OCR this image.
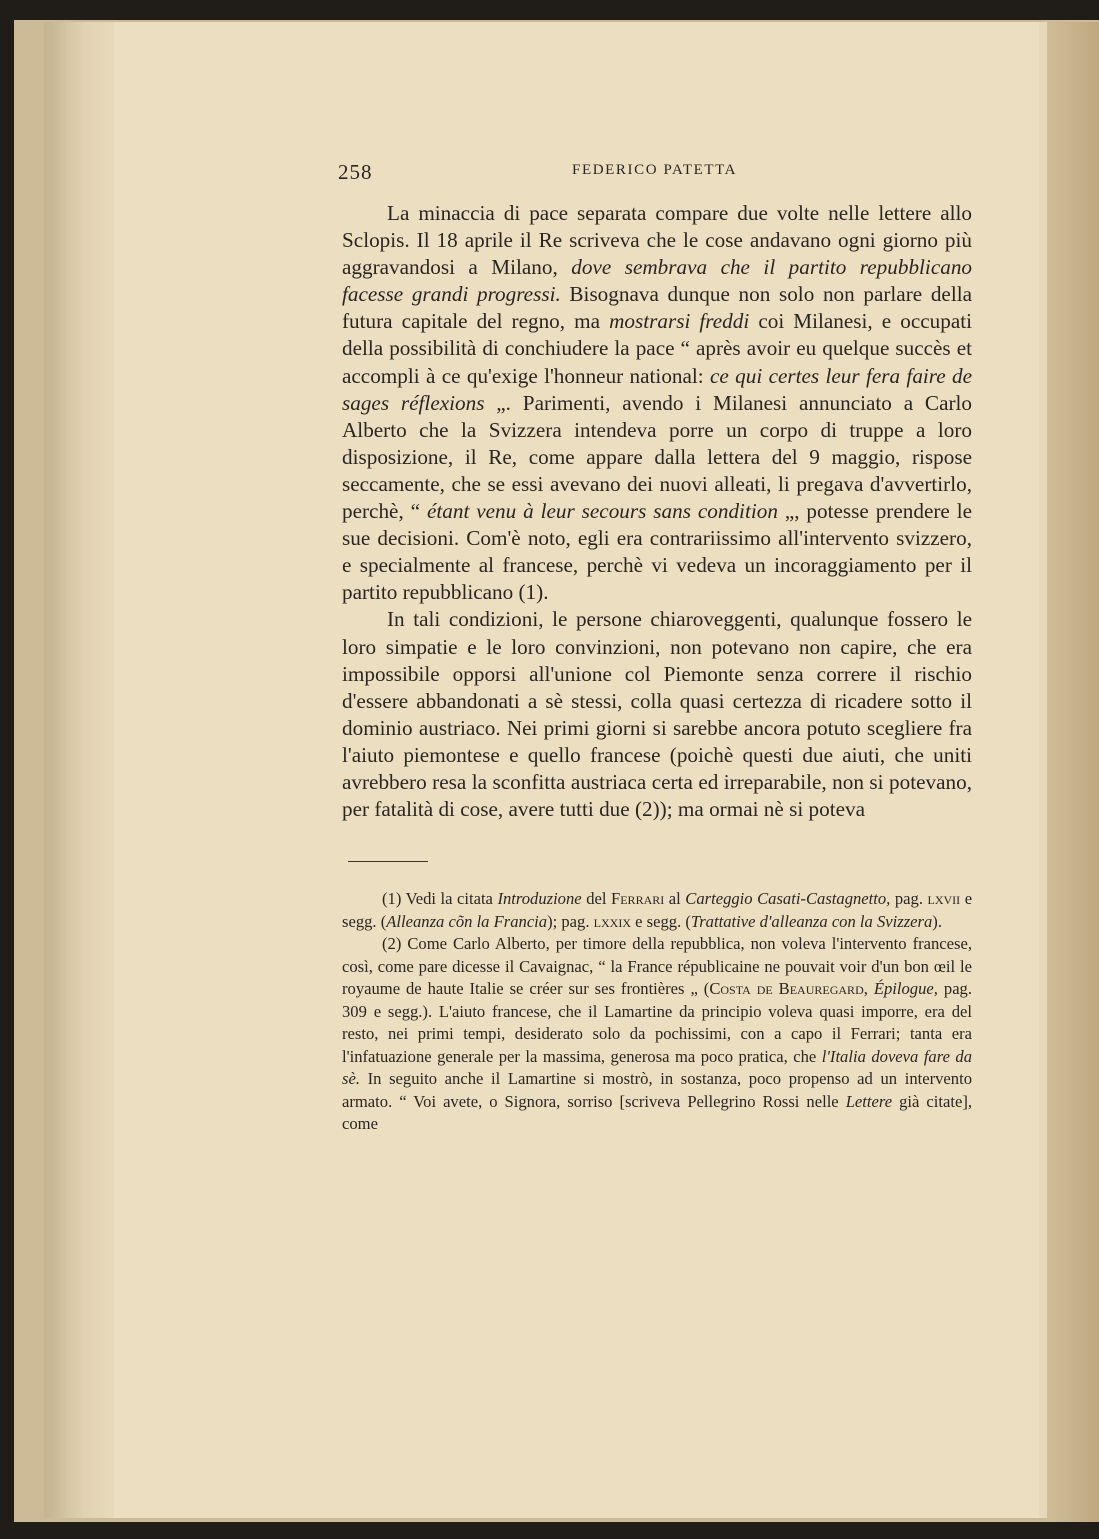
258	FEDERICO PATETTA

La minaccia di pace separata compare due volte nelle lettere allo Sclopis. Il 18 aprile il Re scriveva che le cose andavano ogni giorno più aggravandosi a Milano, dove sembrava che il partito repubblicano facesse grandi progressi. Bisognava dunque non solo non parlare della futura capitale del regno, ma mostrarsi freddi coi Milanesi, e occupati della possibilità di conchiudere la pace “ après avoir eu quelque succès et accompli à ce qu'exige l'honneur national: ce qui certes leur fera faire de sages réflexions „. Parimenti, avendo i Milanesi annunciato a Carlo Alberto che la Svizzera intendeva porre un corpo di truppe a loro disposizione, il Re, come appare dalla lettera del 9 maggio, rispose seccamente, che se essi avevano dei nuovi alleati, li pregava d'avvertirlo, perchè, “ étant venu à leur secours sans condition „, potesse prendere le sue decisioni. Com'è noto, egli era contrariissimo all'intervento svizzero, e specialmente al francese, perchè vi vedeva un incoraggiamento per il partito repubblicano (1).

In tali condizioni, le persone chiaroveggenti, qualunque fossero le loro simpatie e le loro convinzioni, non potevano non capire, che era impossibile opporsi all'unione col Piemonte senza correre il rischio d'essere abbandonati a sè stessi, colla quasi certezza di ricadere sotto il dominio austriaco. Nei primi giorni si sarebbe ancora potuto scegliere fra l'aiuto piemontese e quello francese (poichè questi due aiuti, che uniti avrebbero resa la sconfitta austriaca certa ed irreparabile, non si potevano, per fatalità di cose, avere tutti due (2)); ma ormai nè si poteva

(1) Vedi la citata Introduzione del Ferrari al Carteggio Casati-Castagnetto, pag. lxvii e segg. (Alleanza cõn la Francia); pag. lxxix e segg. (Trattative d'alleanza con la Svizzera).

(2) Come Carlo Alberto, per timore della repubblica, non voleva l'intervento francese, così, come pare dicesse il Cavaignac, “ la France républicaine ne pouvait voir d'un bon œil le royaume de haute Italie se créer sur ses frontières „ (Costa de Beauregard, Épilogue, pag. 309 e segg.). L'aiuto francese, che il Lamartine da principio voleva quasi imporre, era del resto, nei primi tempi, desiderato solo da pochissimi, con a capo il Ferrari; tanta era l'infatuazione generale per la massima, generosa ma poco pratica, che l'Italia doveva fare da sè. In seguito anche il Lamartine si mostrò, in sostanza, poco propenso ad un intervento armato. “ Voi avete, o Signora, sorriso [scriveva Pellegrino Rossi nelle Lettere già citate], come
